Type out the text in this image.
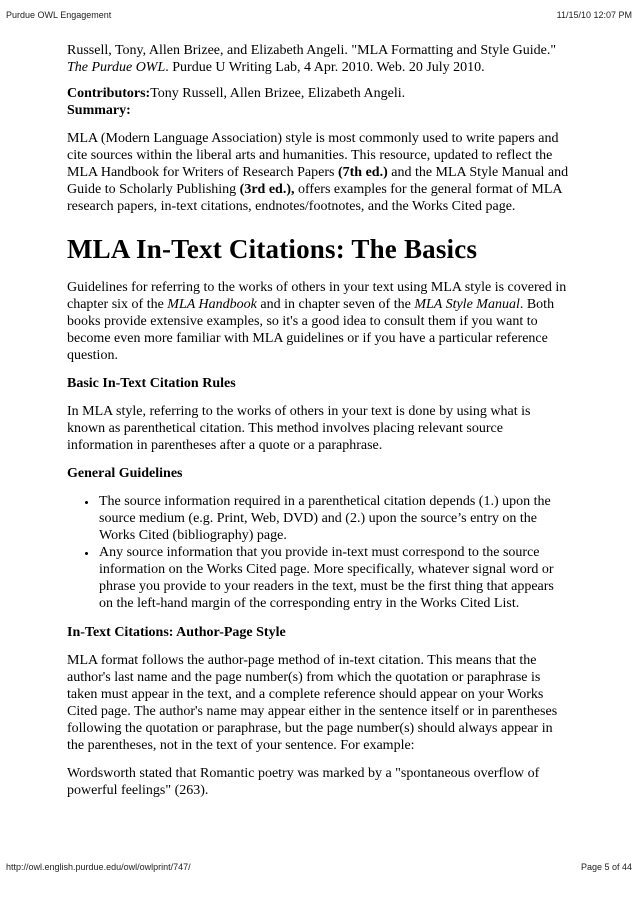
Purdue OWL Engagement	11/15/10 12:07 PM

Russell, Tony, Allen Brizee, and Elizabeth Angeli. "MLA Formatting and Style Guide."
The Purdue OWL. Purdue U Writing Lab, 4 Apr. 2010. Web. 20 July 2010.

Contributors:Tony Russell, Allen Brizee, Elizabeth Angeli.
Summary:

MLA (Modern Language Association) style is most commonly used to write papers and cite sources within the liberal arts and humanities. This resource, updated to reflect the MLA Handbook for Writers of Research Papers (7th ed.) and the MLA Style Manual and Guide to Scholarly Publishing (3rd ed.), offers examples for the general format of MLA research papers, in-text citations, endnotes/footnotes, and the Works Cited page.

MLA In-Text Citations: The Basics

Guidelines for referring to the works of others in your text using MLA style is covered in chapter six of the MLA Handbook and in chapter seven of the MLA Style Manual. Both books provide extensive examples, so it's a good idea to consult them if you want to become even more familiar with MLA guidelines or if you have a particular reference question.

Basic In-Text Citation Rules

In MLA style, referring to the works of others in your text is done by using what is known as parenthetical citation. This method involves placing relevant source information in parentheses after a quote or a paraphrase.

General Guidelines

• The source information required in a parenthetical citation depends (1.) upon the source medium (e.g. Print, Web, DVD) and (2.) upon the source’s entry on the Works Cited (bibliography) page.
• Any source information that you provide in-text must correspond to the source information on the Works Cited page. More specifically, whatever signal word or phrase you provide to your readers in the text, must be the first thing that appears on the left-hand margin of the corresponding entry in the Works Cited List.

In-Text Citations: Author-Page Style

MLA format follows the author-page method of in-text citation. This means that the author's last name and the page number(s) from which the quotation or paraphrase is taken must appear in the text, and a complete reference should appear on your Works Cited page. The author's name may appear either in the sentence itself or in parentheses following the quotation or paraphrase, but the page number(s) should always appear in the parentheses, not in the text of your sentence. For example:

Wordsworth stated that Romantic poetry was marked by a "spontaneous overflow of powerful feelings" (263).

http://owl.english.purdue.edu/owl/owlprint/747/	Page 5 of 44
